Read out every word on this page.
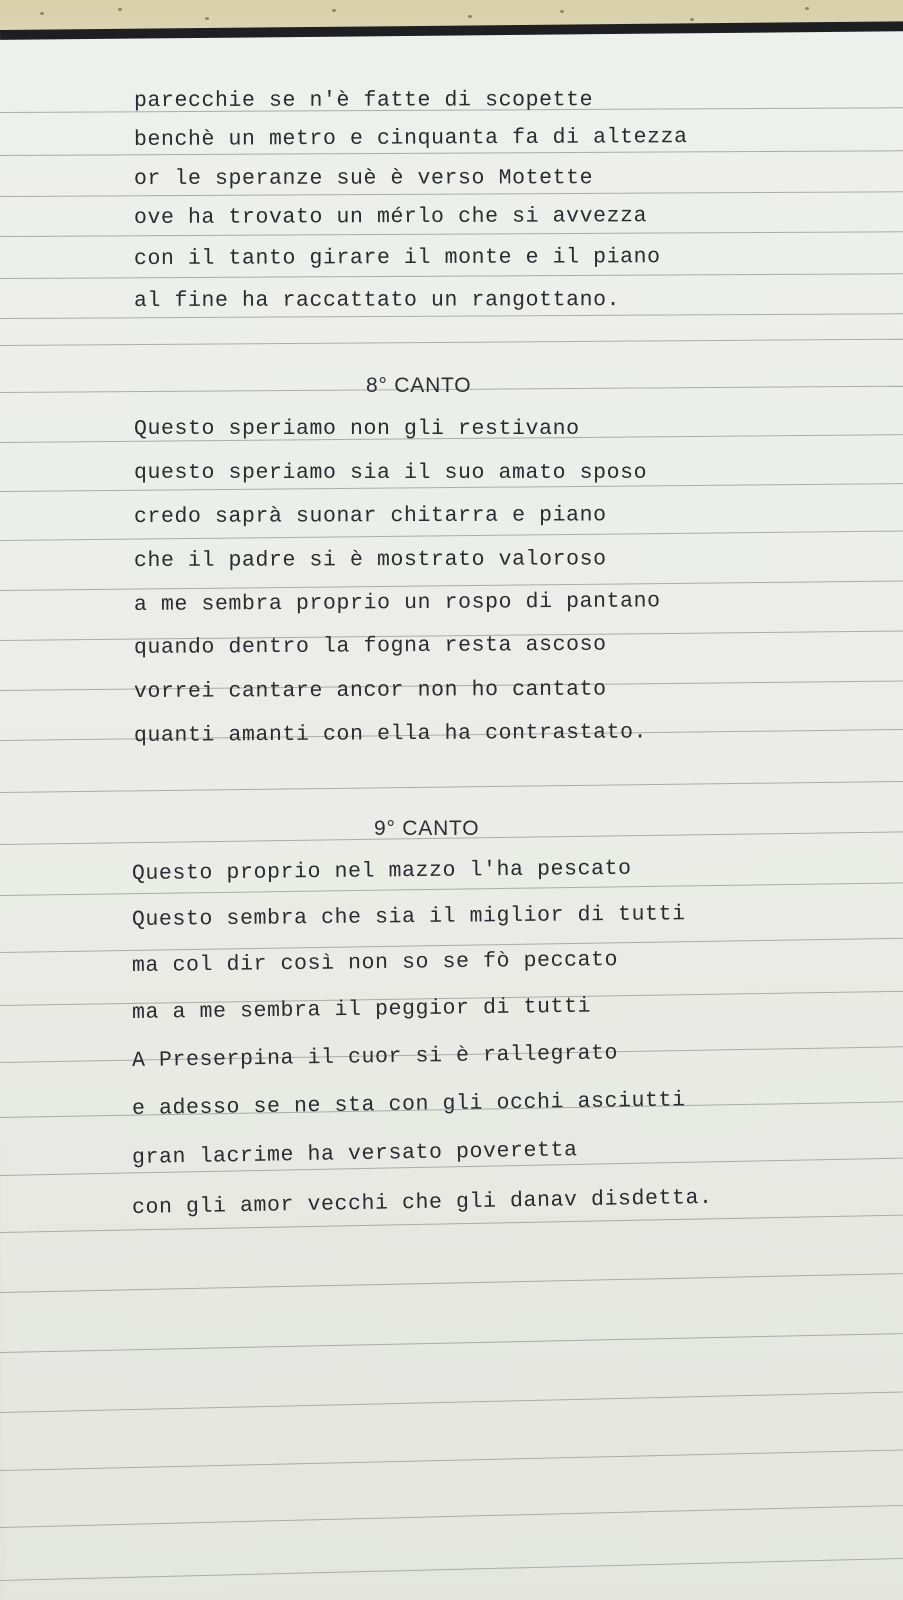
parecchie se n'è fatte di scopette
benchè un metro e cinquanta fa di altezza
or le speranze suè è verso Motette
ove ha trovato un mérlo che si avvezza
con il tanto girare il monte e il piano
al fine ha raccattato un rangottano.
8° CANTO
Questo speriamo non gli restivano
questo speriamo sia il suo amato sposo
credo saprà suonar chitarra e piano
che il padre si è mostrato valoroso
a me sembra proprio un rospo di pantano
quando dentro la fogna resta ascoso
vorrei cantare ancor non ho cantato
quanti amanti con ella ha contrastato.
9° CANTO
Questo proprio nel mazzo l'ha pescato
Questo sembra che sia il miglior di tutti
ma col dir così non so se fò peccato
ma a me sembra il peggior di tutti
A Preserpina il cuor si è rallegrato
e adesso se ne sta con gli occhi asciutti
gran lacrime ha versato poveretta
con gli amor vecchi che gli danav disdetta.
